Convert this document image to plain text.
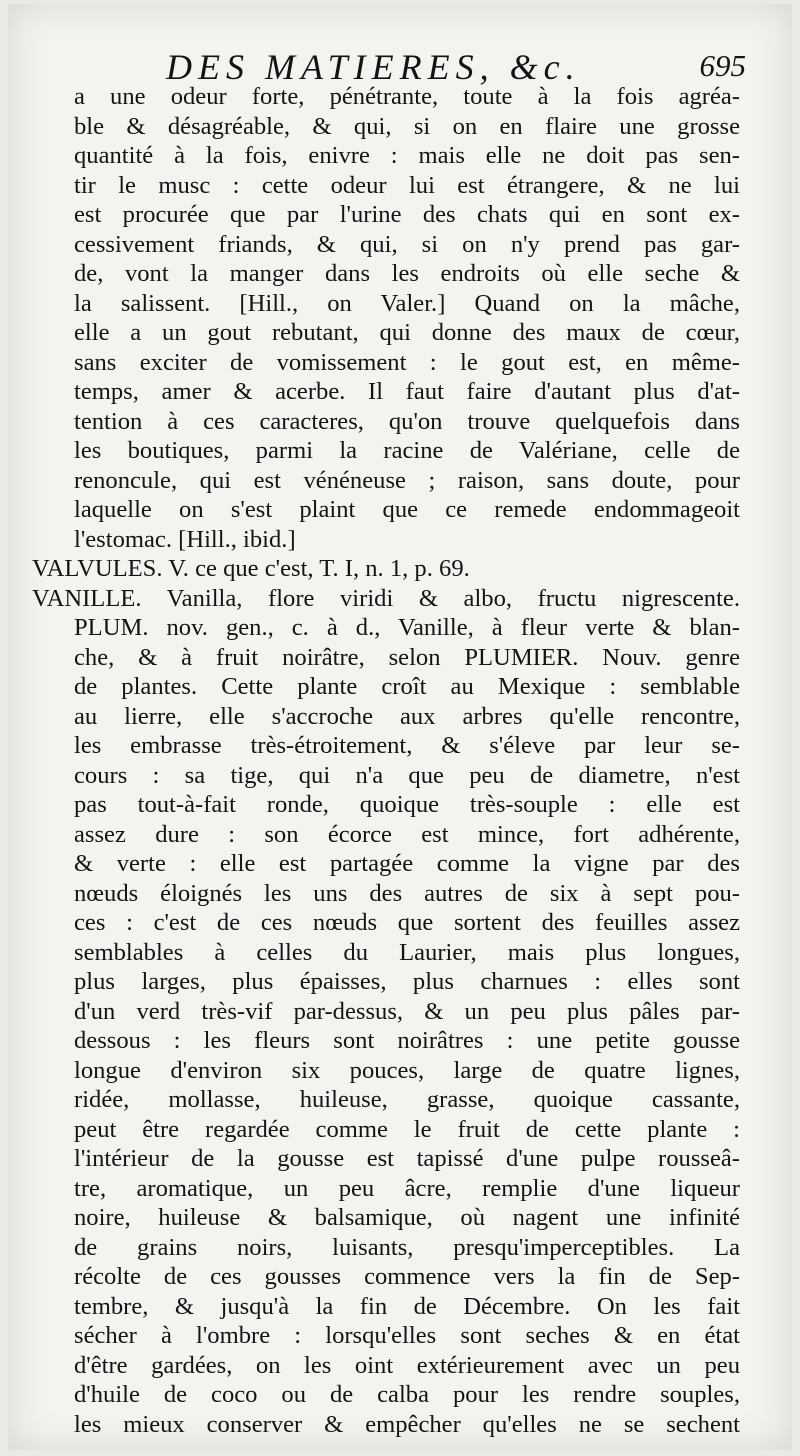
DES MATIERES, &c.	695
a une odeur forte, pénétrante, toute à la fois agréa-
ble & désagréable, & qui, si on en flaire une grosse
quantité à la fois, enivre : mais elle ne doit pas sen-
tir le musc : cette odeur lui est étrangere, & ne lui
est procurée que par l'urine des chats qui en sont ex-
cessivement friands, & qui, si on n'y prend pas gar-
de, vont la manger dans les endroits où elle seche &
la salissent. [Hill., on Valer.] Quand on la mâche,
elle a un gout rebutant, qui donne des maux de cœur,
sans exciter de vomissement : le gout est, en même-
temps, amer & acerbe. Il faut faire d'autant plus d'at-
tention à ces caracteres, qu'on trouve quelquefois dans
les boutiques, parmi la racine de Valériane, celle de
renoncule, qui est vénéneuse ; raison, sans doute, pour
laquelle on s'est plaint que ce remede endommageoit
l'estomac. [Hill., ibid.]
VALVULES. V. ce que c'est, T. I, n. 1, p. 69.
VANILLE. Vanilla, flore viridi & albo, fructu nigrescente.
PLUM. nov. gen., c. à d., Vanille, à fleur verte & blan-
che, & à fruit noirâtre, selon PLUMIER. Nouv. genre
de plantes. Cette plante croît au Mexique : semblable
au lierre, elle s'accroche aux arbres qu'elle rencontre,
les embrasse très-étroitement, & s'éleve par leur se-
cours : sa tige, qui n'a que peu de diametre, n'est
pas tout-à-fait ronde, quoique très-souple : elle est
assez dure : son écorce est mince, fort adhérente,
& verte : elle est partagée comme la vigne par des
nœuds éloignés les uns des autres de six à sept pou-
ces : c'est de ces nœuds que sortent des feuilles assez
semblables à celles du Laurier, mais plus longues,
plus larges, plus épaisses, plus charnues : elles sont
d'un verd très-vif par-dessus, & un peu plus pâles par-
dessous : les fleurs sont noirâtres : une petite gousse
longue d'environ six pouces, large de quatre lignes,
ridée, mollasse, huileuse, grasse, quoique cassante,
peut être regardée comme le fruit de cette plante :
l'intérieur de la gousse est tapissé d'une pulpe rousseâ-
tre, aromatique, un peu âcre, remplie d'une liqueur
noire, huileuse & balsamique, où nagent une infinité
de grains noirs, luisants, presqu'imperceptibles. La
récolte de ces gousses commence vers la fin de Sep-
tembre, & jusqu'à la fin de Décembre. On les fait
sécher à l'ombre : lorsqu'elles sont seches & en état
d'être gardées, on les oint extérieurement avec un peu
d'huile de coco ou de calba pour les rendre souples,
les mieux conserver & empêcher qu'elles ne se sechent
